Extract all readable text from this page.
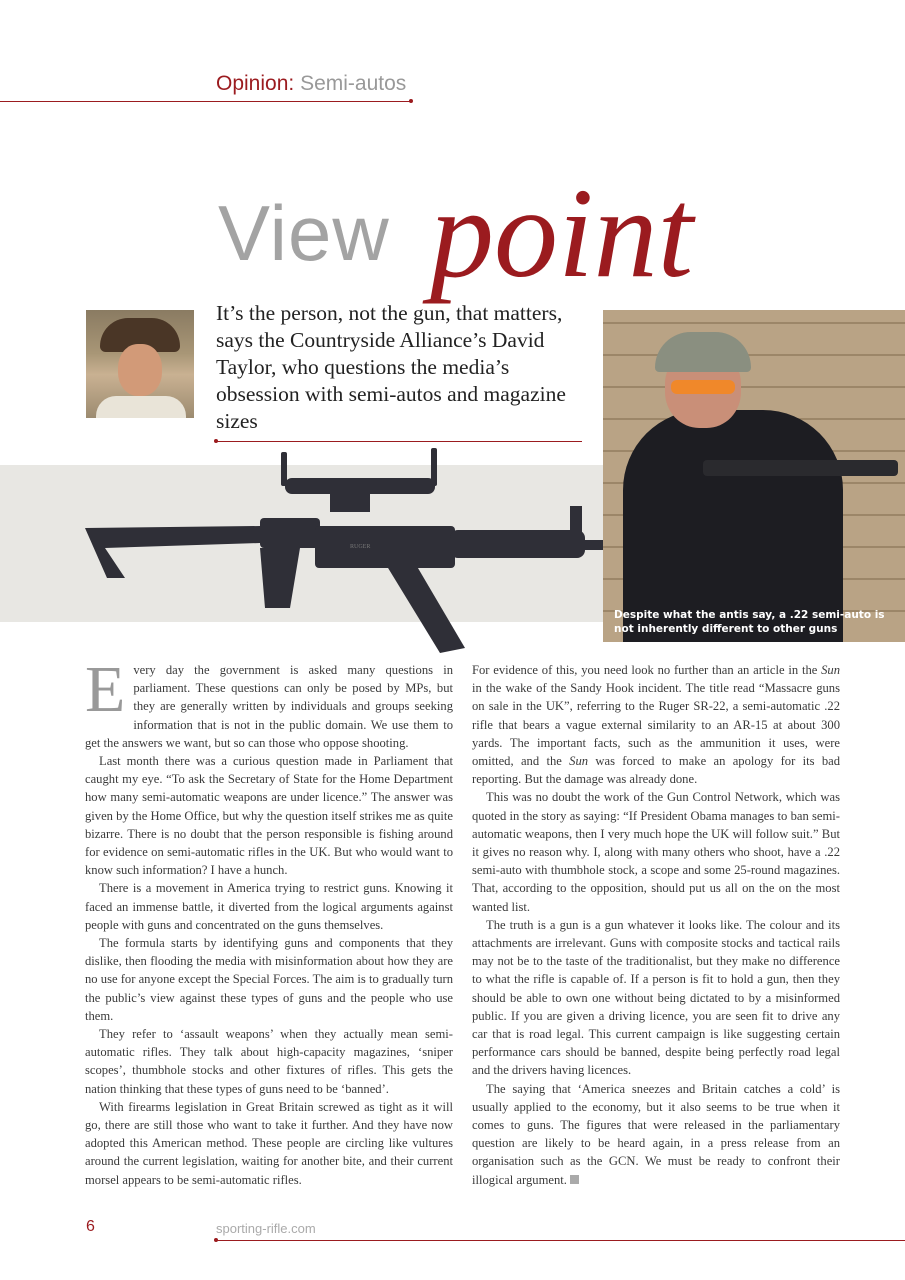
Opinion: Semi-autos
View point
It’s the person, not the gun, that matters, says the Countryside Alliance’s David Taylor, who questions the media’s obsession with semi-autos and magazine sizes
RUGER
Despite what the antis say, a .22 semi-auto is not inherently different to other guns

Every day the government is asked many questions in parliament. These questions can only be posed by MPs, but they are generally written by individuals and groups seeking information that is not in the public domain. We use them to get the answers we want, but so can those who oppose shooting.

Last month there was a curious question made in Parliament that caught my eye. “To ask the Secretary of State for the Home Department how many semi-automatic weapons are under licence.” The answer was given by the Home Office, but why the question itself strikes me as quite bizarre. There is no doubt that the person responsible is fishing around for evidence on semi-automatic rifles in the UK. But who would want to know such information? I have a hunch.

There is a movement in America trying to restrict guns. Knowing it faced an immense battle, it diverted from the logical arguments against people with guns and concentrated on the guns themselves.

The formula starts by identifying guns and components that they dislike, then flooding the media with misinformation about how they are no use for anyone except the Special Forces. The aim is to gradually turn the public’s view against these types of guns and the people who use them.

They refer to ‘assault weapons’ when they actually mean semi-automatic rifles. They talk about high-capacity magazines, ‘sniper scopes’, thumbhole stocks and other fixtures of rifles. This gets the nation thinking that these types of guns need to be ‘banned’.

With firearms legislation in Great Britain screwed as tight as it will go, there are still those who want to take it further. And they have now adopted this American method. These people are circling like vultures around the current legislation, waiting for another bite, and their current morsel appears to be semi-automatic rifles.

For evidence of this, you need look no further than an article in the Sun in the wake of the Sandy Hook incident. The title read “Massacre guns on sale in the UK”, referring to the Ruger SR-22, a semi-automatic .22 rifle that bears a vague external similarity to an AR-15 at about 300 yards. The important facts, such as the ammunition it uses, were omitted, and the Sun was forced to make an apology for its bad reporting. But the damage was already done.

This was no doubt the work of the Gun Control Network, which was quoted in the story as saying: “If President Obama manages to ban semi-automatic weapons, then I very much hope the UK will follow suit.” But it gives no reason why. I, along with many others who shoot, have a .22 semi-auto with thumbhole stock, a scope and some 25-round magazines. That, according to the opposition, should put us all on the on the most wanted list.

The truth is a gun is a gun whatever it looks like. The colour and its attachments are irrelevant. Guns with composite stocks and tactical rails may not be to the taste of the traditionalist, but they make no difference to what the rifle is capable of. If a person is fit to hold a gun, then they should be able to own one without being dictated to by a misinformed public. If you are given a driving licence, you are seen fit to drive any car that is road legal. This current campaign is like suggesting certain performance cars should be banned, despite being perfectly road legal and the drivers having licences.

The saying that ‘America sneezes and Britain catches a cold’ is usually applied to the economy, but it also seems to be true when it comes to guns. The figures that were released in the parliamentary question are likely to be heard again, in a press release from an organisation such as the GCN. We must be ready to confront their illogical argument.

6	sporting-rifle.com
